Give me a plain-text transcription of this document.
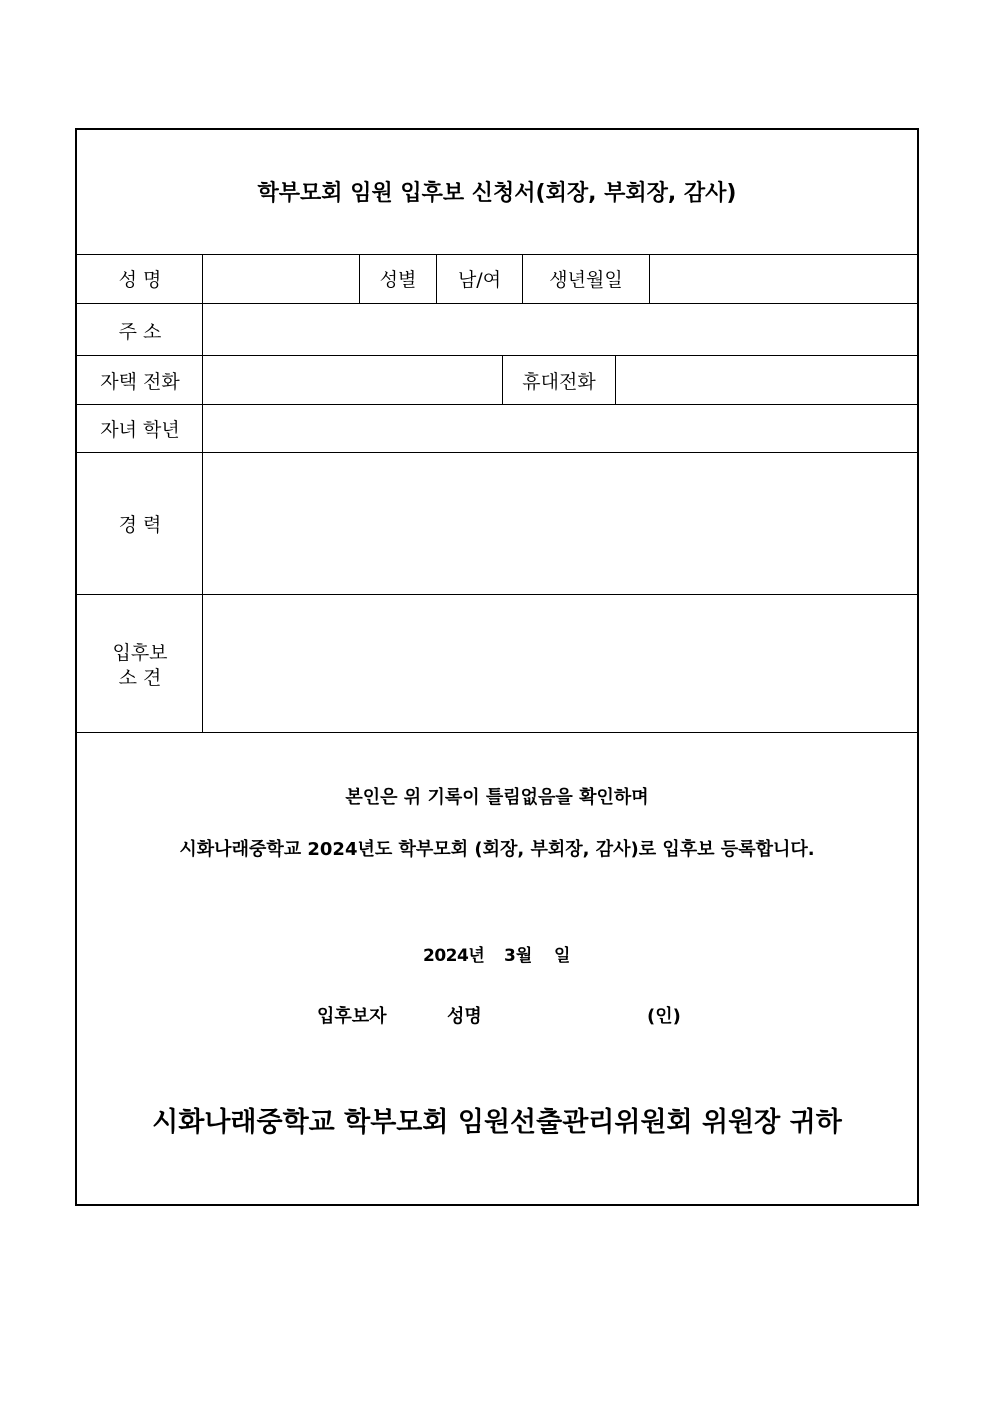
학부모회 임원 입후보 신청서(회장, 부회장, 감사)
성 명	성별	남/여	생년월일
주 소
자택 전화	휴대전화
자녀 학년
경 력
입후보
소 견
본인은 위 기록이 틀림없음을 확인하며
시화나래중학교 2024년도 학부모회 (회장, 부회장, 감사)로 입후보 등록합니다.
2024년 3월 일
입후보자	성명	(인)
시화나래중학교 학부모회 임원선출관리위원회 위원장 귀하
